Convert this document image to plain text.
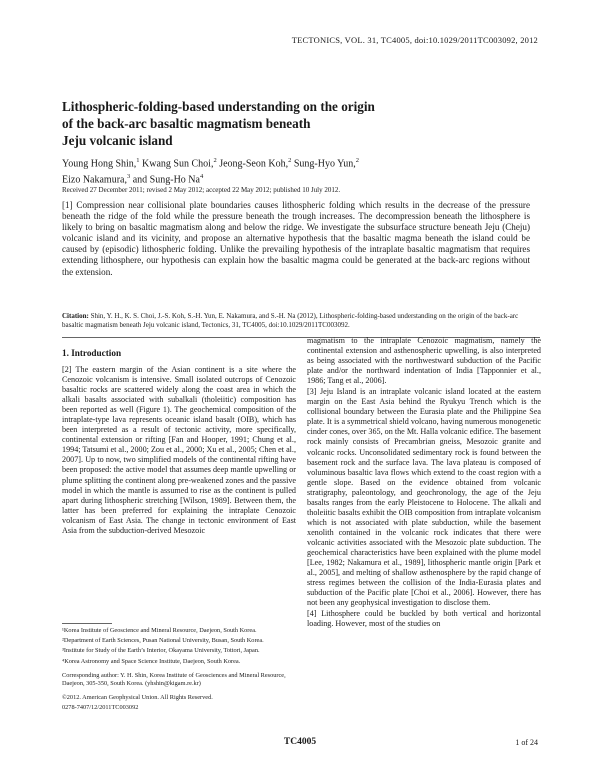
TECTONICS, VOL. 31, TC4005, doi:10.1029/2011TC003092, 2012
Lithospheric-folding-based understanding on the origin
of the back-arc basaltic magmatism beneath
Jeju volcanic island
Young Hong Shin,$^1$ Kwang Sun Choi,$^2$ Jeong-Seon Koh,$^2$ Sung-Hyo Yun,$^2$
Eizo Nakamura,$^3$ and Sung-Ho Na$^4$
Received 27 December 2011; revised 2 May 2012; accepted 22 May 2012; published 10 July 2012.

[1] Compression near collisional plate boundaries causes lithospheric folding which results in the decrease of the pressure beneath the ridge of the fold while the pressure beneath the trough increases. The decompression beneath the lithosphere is likely to bring on basaltic magmatism along and below the ridge. We investigate the subsurface structure beneath Jeju (Cheju) volcanic island and its vicinity, and propose an alternative hypothesis that the basaltic magma beneath the island could be caused by (episodic) lithospheric folding. Unlike the prevailing hypothesis of the intraplate basaltic magmatism that requires extending lithosphere, our hypothesis can explain how the basaltic magma could be generated at the back-arc regions without the extension.

Citation: Shin, Y. H., K. S. Choi, J.-S. Koh, S.-H. Yun, E. Nakamura, and S.-H. Na (2012), Lithospheric-folding-based understanding on the origin of the back-arc basaltic magmatism beneath Jeju volcanic island, Tectonics, 31, TC4005, doi:10.1029/2011TC003092.

1. Introduction

[2] The eastern margin of the Asian continent is a site where the Cenozoic volcanism is intensive. Small isolated outcrops of Cenozoic basaltic rocks are scattered widely along the coast area in which the alkali basalts associated with subalkali (tholeiitic) composition has been reported as well (Figure 1). The geochemical composition of the intraplate-type lava represents oceanic island basalt (OIB), which has been interpreted as a result of tectonic activity, more specifically, continental extension or rifting [Fan and Hooper, 1991; Chung et al., 1994; Tatsumi et al., 2000; Zou et al., 2000; Xu et al., 2005; Chen et al., 2007]. Up to now, two simplified models of the continental rifting have been proposed: the active model that assumes deep mantle upwelling or plume splitting the continent along pre-weakened zones and the passive model in which the mantle is assumed to rise as the continent is pulled apart during lithospheric stretching [Wilson, 1989]. Between them, the latter has been preferred for explaining the intraplate Cenozoic volcanism of East Asia. The change in tectonic environment of East Asia from the subduction-derived Mesozoic

magmatism to the intraplate Cenozoic magmatism, namely the continental extension and asthenospheric upwelling, is also interpreted as being associated with the northwestward subduction of the Pacific plate and/or the northward indentation of India [Tapponnier et al., 1986; Tang et al., 2006].

[3] Jeju Island is an intraplate volcanic island located at the eastern margin on the East Asia behind the Ryukyu Trench which is the collisional boundary between the Eurasia plate and the Philippine Sea plate. It is a symmetrical shield volcano, having numerous monogenetic cinder cones, over 365, on the Mt. Halla volcanic edifice. The basement rock mainly consists of Precambrian gneiss, Mesozoic granite and volcanic rocks. Unconsolidated sedimentary rock is found between the basement rock and the surface lava. The lava plateau is composed of voluminous basaltic lava flows which extend to the coast region with a gentle slope. Based on the evidence obtained from volcanic stratigraphy, paleontology, and geochronology, the age of the Jeju basalts ranges from the early Pleistocene to Holocene. The alkali and tholeiitic basalts exhibit the OIB composition from intraplate volcanism which is not associated with plate subduction, while the basement xenolith contained in the volcanic rock indicates that there were volcanic activities associated with the Mesozoic plate subduction. The geochemical characteristics have been explained with the plume model [Lee, 1982; Nakamura et al., 1989], lithospheric mantle origin [Park et al., 2005], and melting of shallow asthenosphere by the rapid change of stress regimes between the collision of the India-Eurasia plates and subduction of the Pacific plate [Choi et al., 2006]. However, there has not been any geophysical investigation to disclose them.

[4] Lithosphere could be buckled by both vertical and horizontal loading. However, most of the studies on

¹Korea Institute of Geoscience and Mineral Resource, Daejeon, South Korea.

²Department of Earth Sciences, Pusan National University, Busan, South Korea.

³Institute for Study of the Earth’s Interior, Okayama University, Tottori, Japan.

⁴Korea Astronomy and Space Science Institute, Daejeon, South Korea.

Corresponding author: Y. H. Shin, Korea Institute of Geosciences and Mineral Resource, Daejeon, 305-350, South Korea. (yhshin@kigam.re.kr)

©2012. American Geophysical Union. All Rights Reserved.

0278-7407/12/2011TC003092

TC4005	1 of 24
